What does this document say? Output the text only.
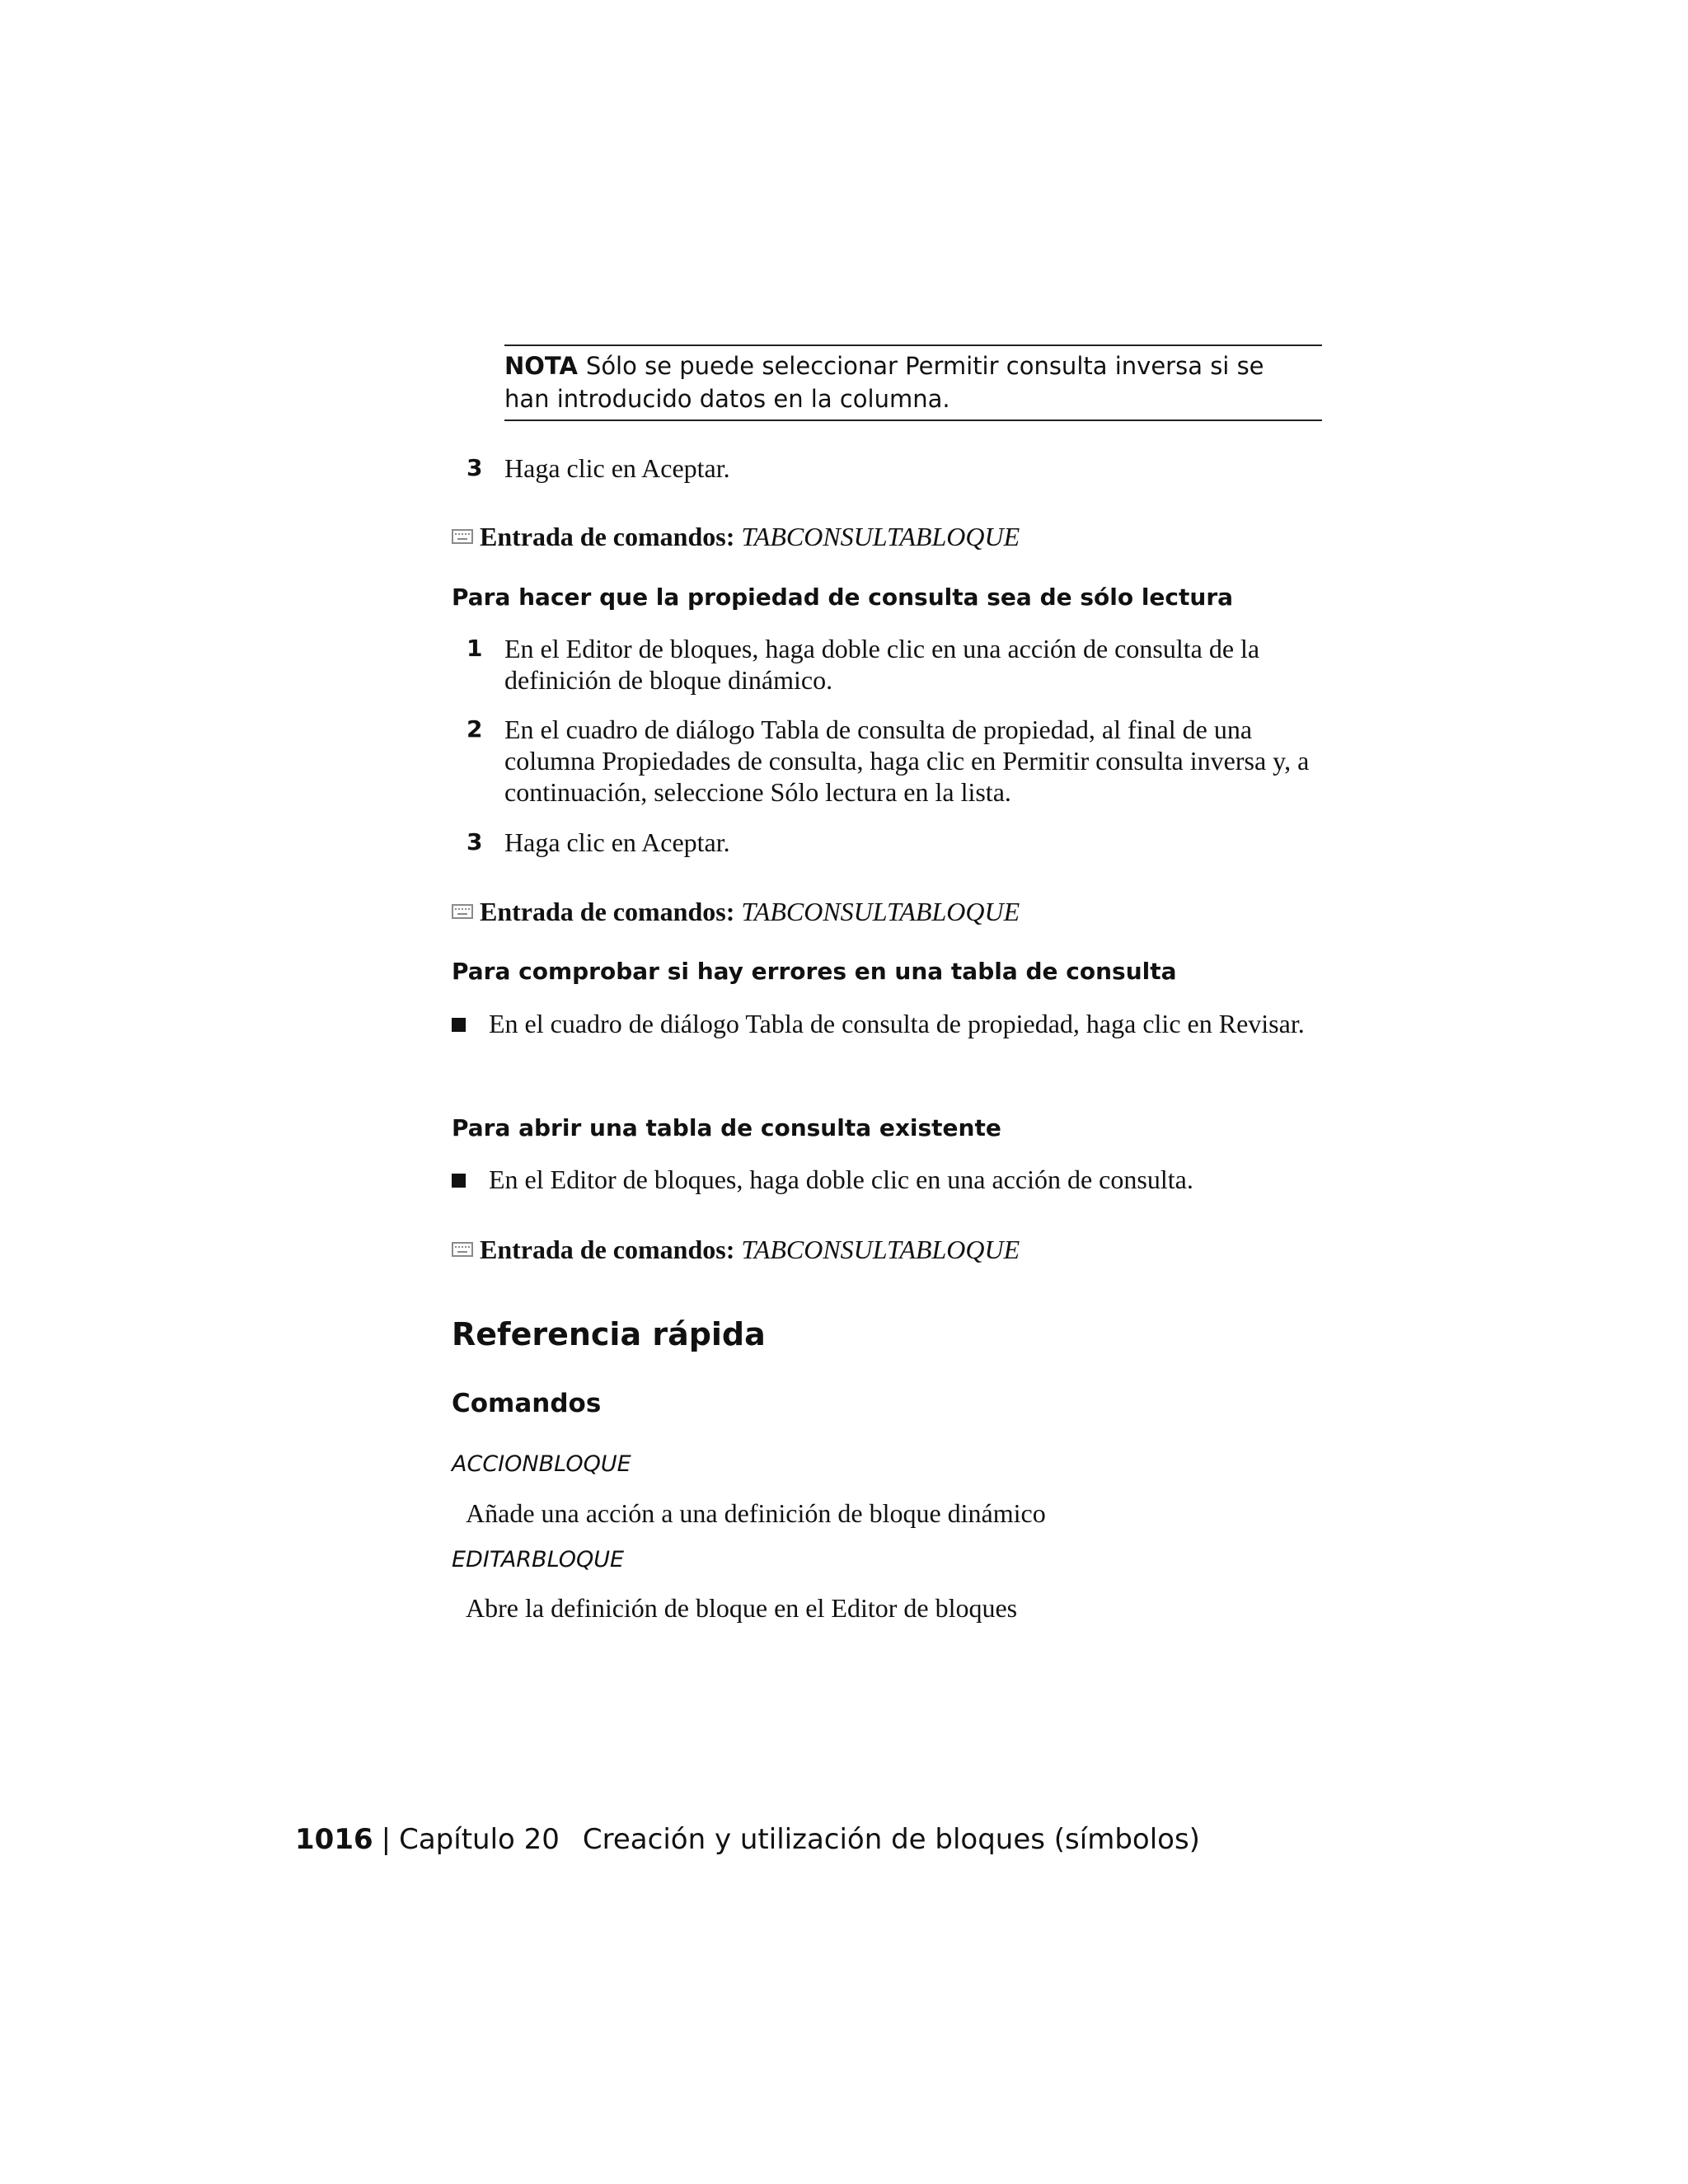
NOTA Sólo se puede seleccionar Permitir consulta inversa si se han introducido datos en la columna.
3 Haga clic en Aceptar.
Entrada de comandos: TABCONSULTABLOQUE
Para hacer que la propiedad de consulta sea de sólo lectura
1 En el Editor de bloques, haga doble clic en una acción de consulta de la definición de bloque dinámico.
2 En el cuadro de diálogo Tabla de consulta de propiedad, al final de una columna Propiedades de consulta, haga clic en Permitir consulta inversa y, a continuación, seleccione Sólo lectura en la lista.
3 Haga clic en Aceptar.
Entrada de comandos: TABCONSULTABLOQUE
Para comprobar si hay errores en una tabla de consulta
En el cuadro de diálogo Tabla de consulta de propiedad, haga clic en Revisar.
Para abrir una tabla de consulta existente
En el Editor de bloques, haga doble clic en una acción de consulta.
Entrada de comandos: TABCONSULTABLOQUE
Referencia rápida
Comandos
ACCIONBLOQUE
Añade una acción a una definición de bloque dinámico
EDITARBLOQUE
Abre la definición de bloque en el Editor de bloques
1016 | Capítulo 20 Creación y utilización de bloques (símbolos)
